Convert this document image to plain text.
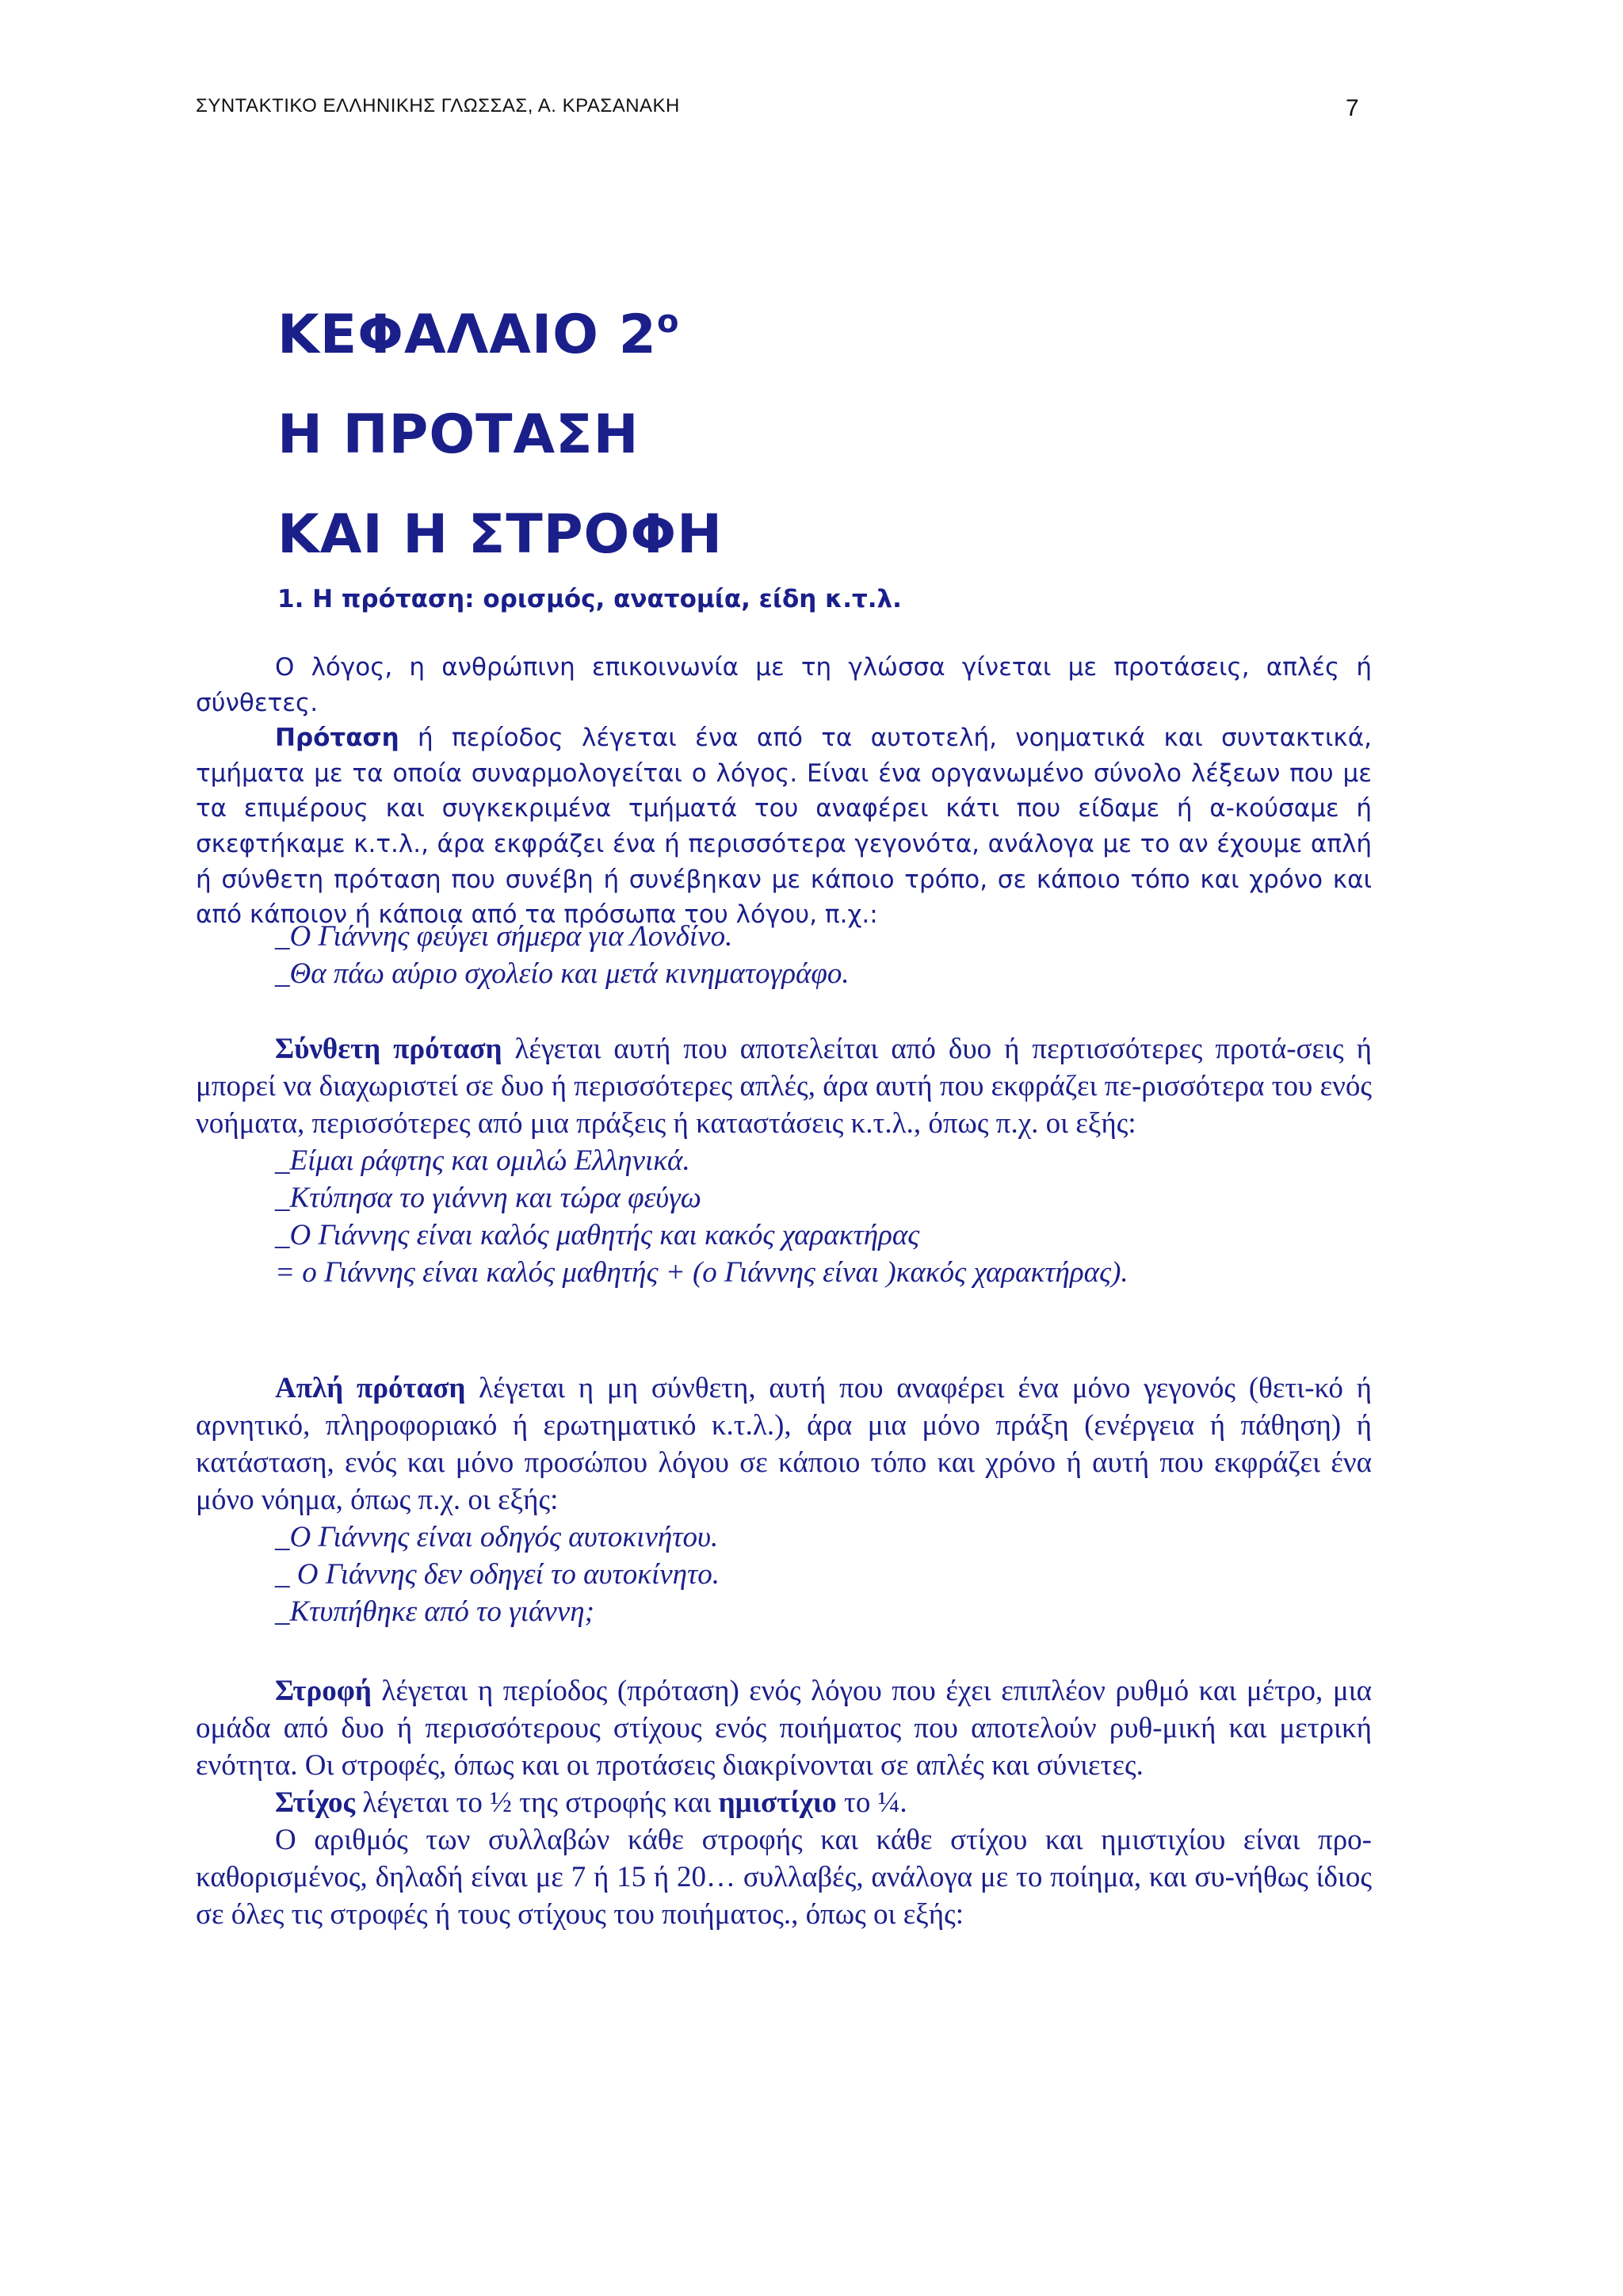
ΣΥΝΤΑΚΤΙΚΟ ΕΛΛΗΝΙΚΗΣ ΓΛΩΣΣΑΣ, Α. ΚΡΑΣΑΝΑΚΗ	7
ΚΕΦΑΛΑΙΟ $2^o$
Η ΠΡΟΤΑΣΗ
ΚΑΙ Η ΣΤΡΟΦΗ
1. Η πρόταση: ορισμός, ανατομία, είδη κ.τ.λ.

Ο λόγος, η ανθρώπινη επικοινωνία με τη γλώσσα γίνεται με προτάσεις, απλές ή σύνθετες.

Πρόταση ή περίοδος λέγεται ένα από τα αυτοτελή, νοηματικά και συντακτικά, τμήματα με τα οποία συναρμολογείται ο λόγος. Είναι ένα οργανωμένο σύνολο λέξεων που με τα επιμέρους και συγκεκριμένα τμήματά του αναφέρει κάτι που είδαμε ή α-κούσαμε ή σκεφτήκαμε κ.τ.λ., άρα εκφράζει ένα ή περισσότερα γεγονότα, ανάλογα με το αν έχουμε απλή ή σύνθετη πρόταση που συνέβη ή συνέβηκαν με κάποιο τρόπο, σε κάποιο τόπο και χρόνο και από κάποιον ή κάποια από τα πρόσωπα του λόγου, π.χ.:

_Ο Γιάννης φεύγει σήμερα για Λονδίνο.

_Θα πάω αύριο σχολείο και μετά κινηματογράφο.

Σύνθετη πρόταση λέγεται αυτή που αποτελείται από δυο ή περτισσότερες προτά-σεις ή μπορεί να διαχωριστεί σε δυο ή περισσότερες απλές, άρα αυτή που εκφράζει πε-ρισσότερα του ενός νοήματα, περισσότερες από μια πράξεις ή καταστάσεις κ.τ.λ., όπως π.χ. οι εξής:

_Είμαι ράφτης και ομιλώ Ελληνικά.

_Κτύπησα το γιάννη και τώρα φεύγω

_Ο Γιάννης είναι καλός μαθητής και κακός χαρακτήρας

= ο Γιάννης είναι καλός μαθητής + (ο Γιάννης είναι )κακός χαρακτήρας).

Απλή πρόταση λέγεται η μη σύνθετη, αυτή που αναφέρει ένα μόνο γεγονός (θετι-κό ή αρνητικό, πληροφοριακό ή ερωτηματικό κ.τ.λ.), άρα μια μόνο πράξη (ενέργεια ή πάθηση) ή κατάσταση, ενός και μόνο προσώπου λόγου σε κάποιο τόπο και χρόνο ή αυτή που εκφράζει ένα μόνο νόημα, όπως π.χ. οι εξής:

_Ο Γιάννης είναι οδηγός αυτοκινήτου.

_ Ο Γιάννης δεν οδηγεί το αυτοκίνητο.

_Κτυπήθηκε από το γιάννη;

Στροφή λέγεται η περίοδος (πρόταση) ενός λόγου που έχει επιπλέον ρυθμό και μέτρο, μια ομάδα από δυο ή περισσότερους στίχους ενός ποιήματος που αποτελούν ρυθ-μική και μετρική ενότητα. Οι στροφές, όπως και οι προτάσεις διακρίνονται σε απλές και σύνιετες.

Στίχος λέγεται το ½ της στροφής και ημιστίχιο το ¼.

Ο αριθμός των συλλαβών κάθε στροφής και κάθε στίχου και ημιστιχίου είναι προ-καθορισμένος, δηλαδή είναι με 7 ή 15 ή 20… συλλαβές, ανάλογα με το ποίημα, και συ-νήθως ίδιος σε όλες τις στροφές ή τους στίχους του ποιήματος., όπως οι εξής:
